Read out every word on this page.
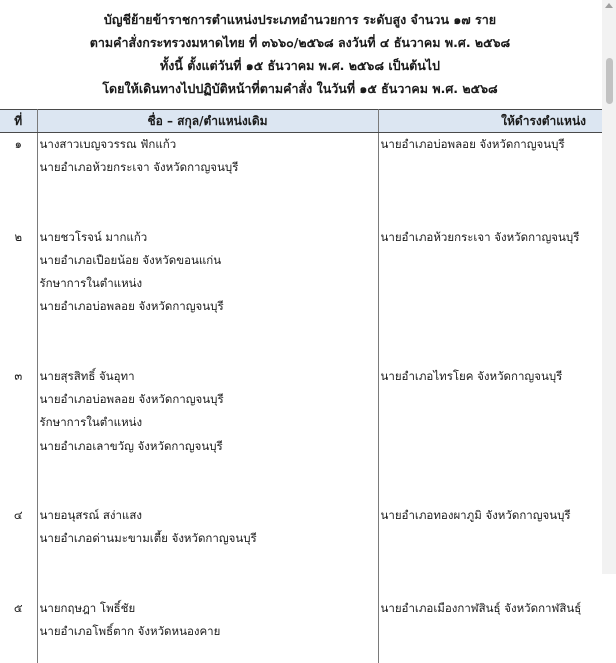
บัญชีย้ายข้าราชการตำแหน่งประเภทอำนวยการ ระดับสูง จำนวน ๑๗ ราย
ตามคำสั่งกระทรวงมหาดไทย ที่ ๓๖๖๐/๒๕๖๘ ลงวันที่ ๔ ธันวาคม พ.ศ. ๒๕๖๘
ทั้งนี้ ตั้งแต่วันที่ ๑๕ ธันวาคม พ.ศ. ๒๕๖๘ เป็นต้นไป
โดยให้เดินทางไปปฏิบัติหน้าที่ตามคำสั่ง ในวันที่ ๑๕ ธันวาคม พ.ศ. ๒๕๖๘
ที่	ชื่อ – สกุล/ตำแหน่งเดิม	ให้ดำรงตำแหน่ง
๑	นางสาวเบญจวรรณ ฟักแก้ว
นายอำเภอห้วยกระเจา จังหวัดกาญจนบุรี	นายอำเภอบ่อพลอย จังหวัดกาญจนบุรี
๒	นายชวโรจน์ มากแก้ว
นายอำเภอเปือยน้อย จังหวัดขอนแก่น
รักษาการในตำแหน่ง
นายอำเภอบ่อพลอย จังหวัดกาญจนบุรี	นายอำเภอห้วยกระเจา จังหวัดกาญจนบุรี
๓	นายสุรสิทธิ์ จันอุทา
นายอำเภอบ่อพลอย จังหวัดกาญจนบุรี
รักษาการในตำแหน่ง
นายอำเภอเลาขวัญ จังหวัดกาญจนบุรี	นายอำเภอไทรโยค จังหวัดกาญจนบุรี
๔	นายอนุสรณ์ สง่าแสง
นายอำเภอด่านมะขามเตี้ย จังหวัดกาญจนบุรี	นายอำเภอทองผาภูมิ จังหวัดกาญจนบุรี
๕	นายกฤษฎา โพธิ์ชัย
นายอำเภอโพธิ์ตาก จังหวัดหนองคาย	นายอำเภอเมืองกาฬสินธุ์ จังหวัดกาฬสินธุ์
